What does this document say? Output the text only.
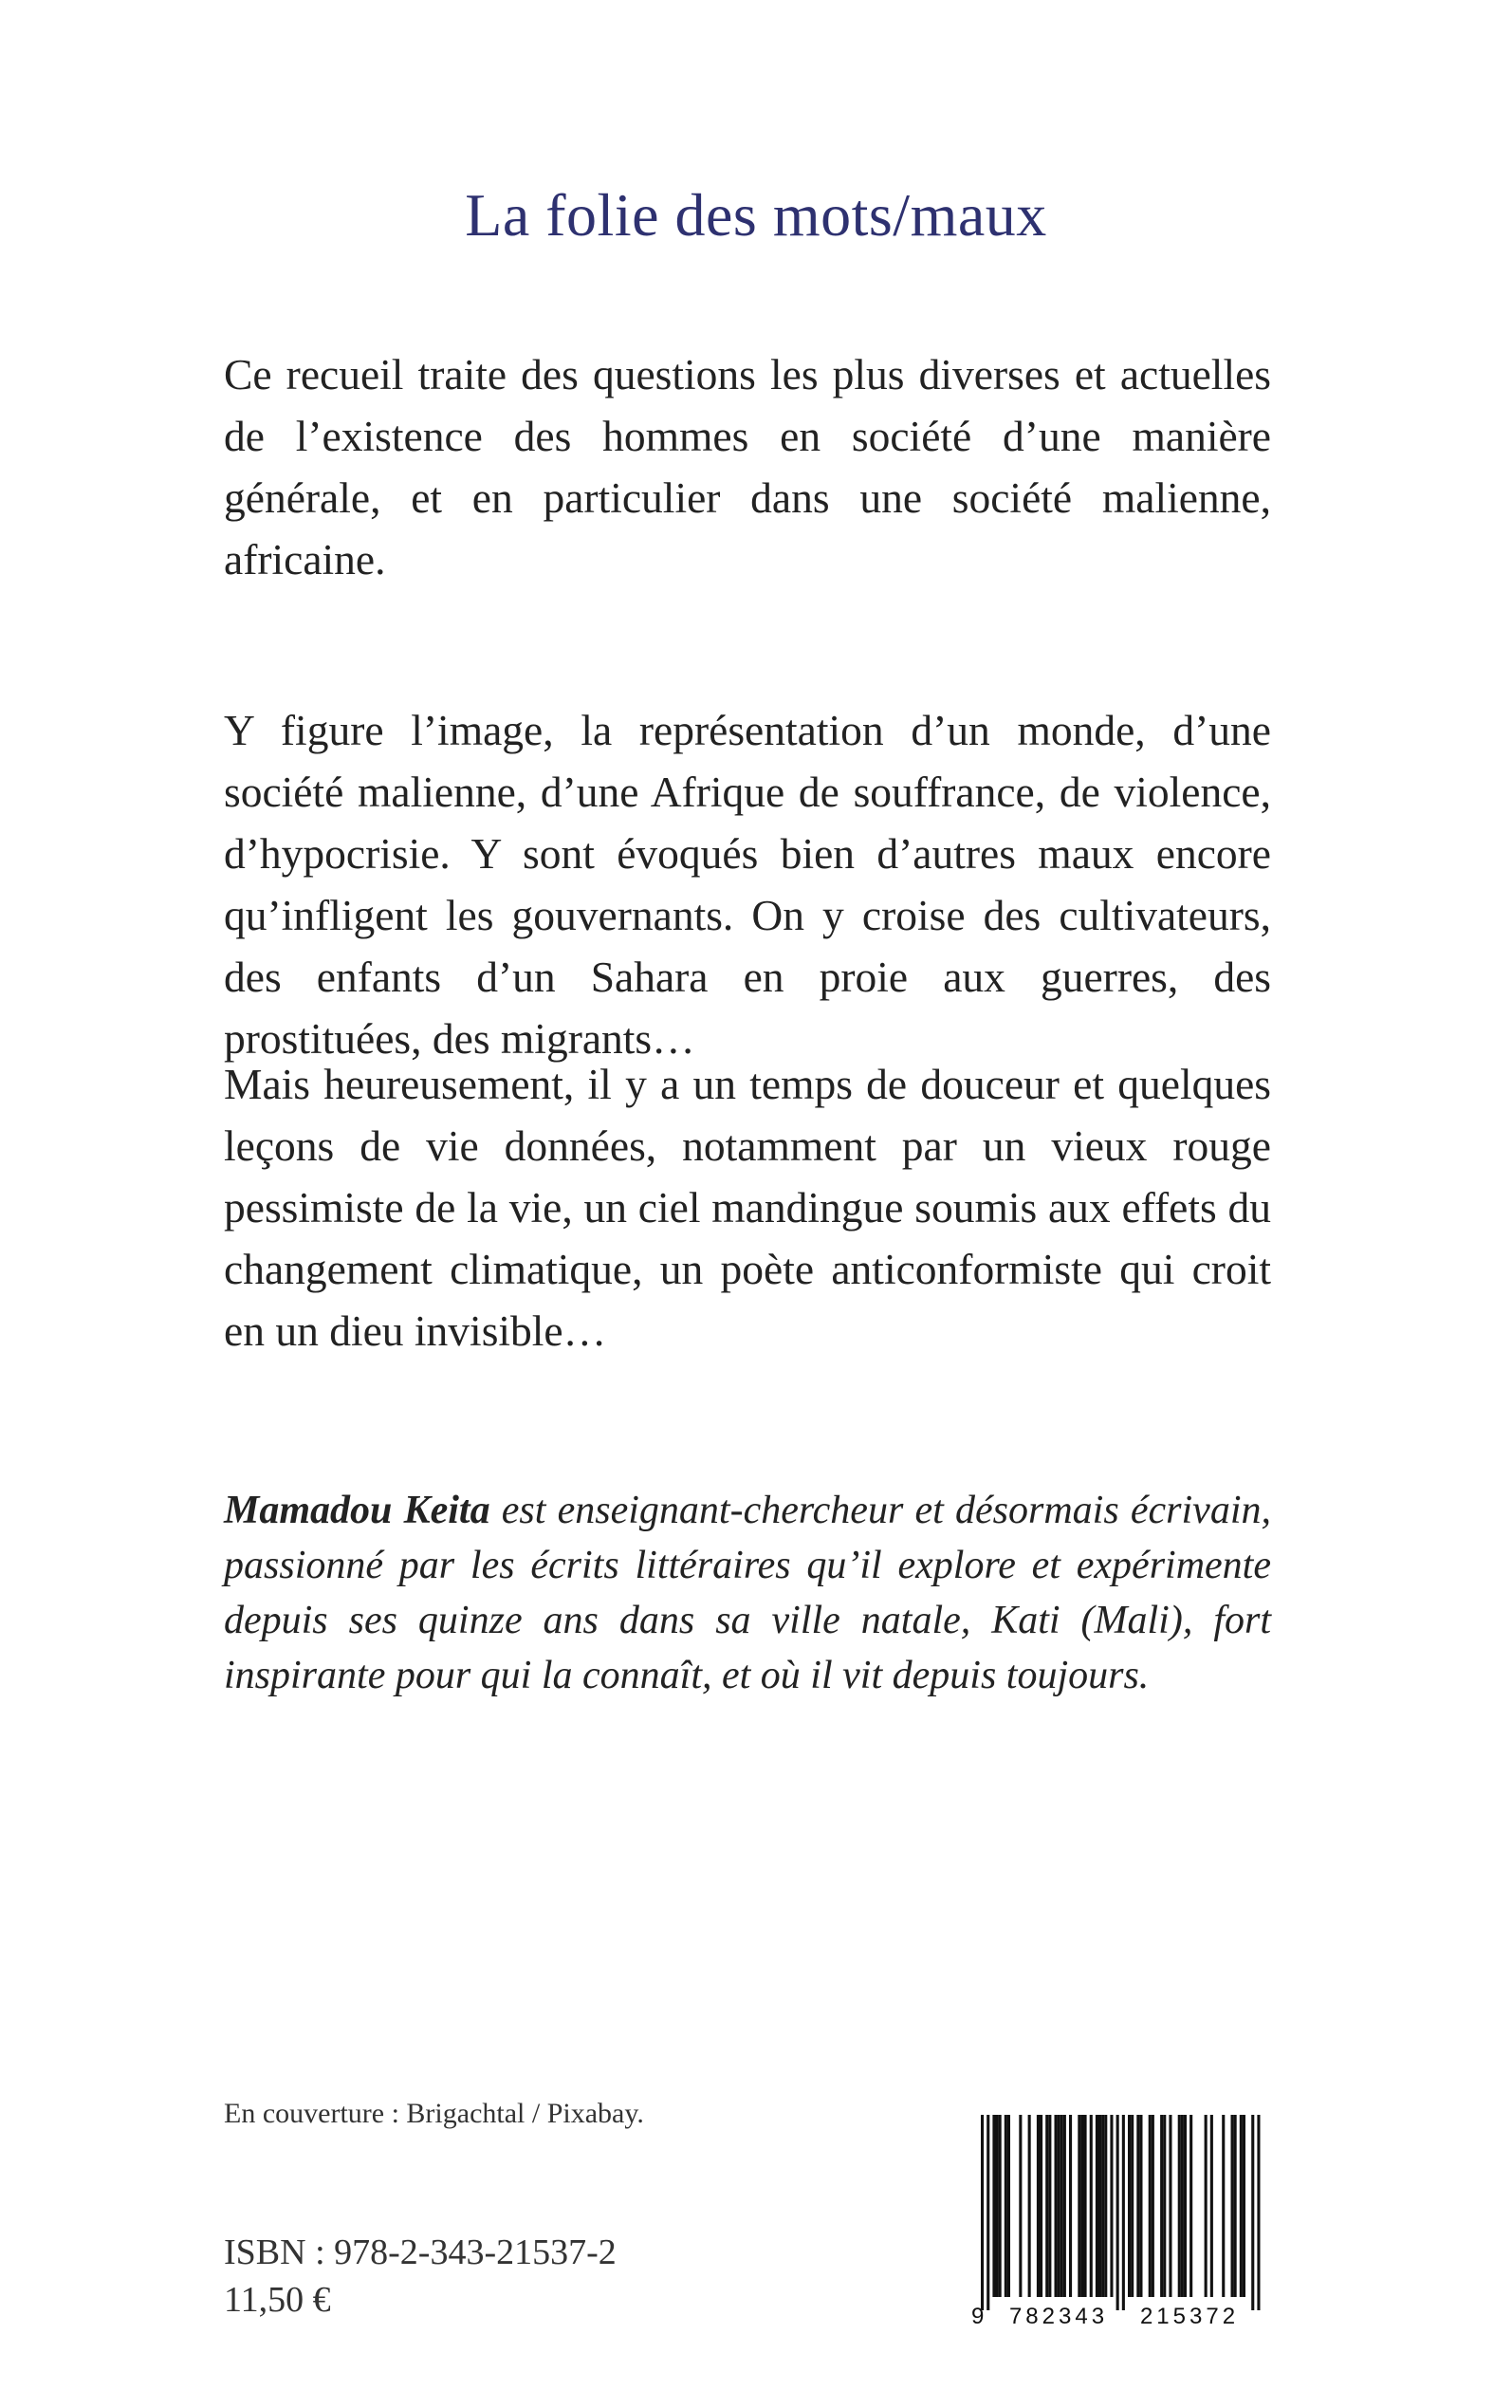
La folie des mots/maux

Ce recueil traite des questions les plus diverses et actuelles de l’existence des hommes en société d’une manière générale, et en particulier dans une société malienne, africaine.

Y figure l’image, la représentation d’un monde, d’une société malienne, d’une Afrique de souffrance, de violence, d’hypocrisie. Y sont évoqués bien d’autres maux encore qu’infligent les gouvernants. On y croise des cultivateurs, des enfants d’un Sahara en proie aux guerres, des prostituées, des migrants…

Mais heureusement, il y a un temps de douceur et quelques leçons de vie données, notamment par un vieux rouge pessimiste de la vie, un ciel mandingue soumis aux effets du changement climatique, un poète anticonformiste qui croit en un dieu invisible…

Mamadou Keita est enseignant-chercheur et désormais écrivain, passionné par les écrits littéraires qu’il explore et expérimente depuis ses quinze ans dans sa ville natale, Kati (Mali), fort inspirante pour qui la connaît, et où il vit depuis toujours.

En couverture : Brigachtal / Pixabay.
ISBN : 978-2-343-21537-2
11,50 €	9 782343 215372
